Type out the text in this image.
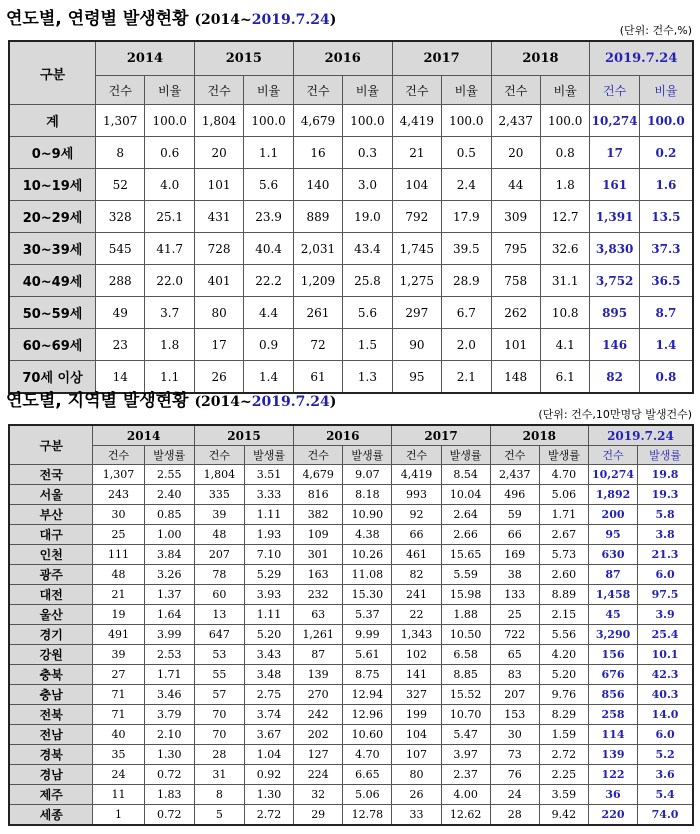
연도별, 연령별 발생현황 (2014~2019.7.24)
(단위: 건수,%)
구분	2014		2015		2016		2017		2018		2019.7.24	
	건수	비율	건수	비율	건수	비율	건수	비율	건수	비율	건수	비율
계	1,307	100.0	1,804	100.0	4,679	100.0	4,419	100.0	2,437	100.0	10,274	100.0
0~9세	8	0.6	20	1.1	16	0.3	21	0.5	20	0.8	17	0.2
10~19세	52	4.0	101	5.6	140	3.0	104	2.4	44	1.8	161	1.6
20~29세	328	25.1	431	23.9	889	19.0	792	17.9	309	12.7	1,391	13.5
30~39세	545	41.7	728	40.4	2,031	43.4	1,745	39.5	795	32.6	3,830	37.3
40~49세	288	22.0	401	22.2	1,209	25.8	1,275	28.9	758	31.1	3,752	36.5
50~59세	49	3.7	80	4.4	261	5.6	297	6.7	262	10.8	895	8.7
60~69세	23	1.8	17	0.9	72	1.5	90	2.0	101	4.1	146	1.4
70세 이상	14	1.1	26	1.4	61	1.3	95	2.1	148	6.1	82	0.8
연도별, 지역별 발생현황 (2014~2019.7.24)
(단위: 건수,10만명당 발생건수)
구분	2014		2015		2016		2017		2018		2019.7.24	
	건수	발생률	건수	발생률	건수	발생률	건수	발생률	건수	발생률	건수	발생률
전국	1,307	2.55	1,804	3.51	4,679	9.07	4,419	8.54	2,437	4.70	10,274	19.8
서울	243	2.40	335	3.33	816	8.18	993	10.04	496	5.06	1,892	19.3
부산	30	0.85	39	1.11	382	10.90	92	2.64	59	1.71	200	5.8
대구	25	1.00	48	1.93	109	4.38	66	2.66	66	2.67	95	3.8
인천	111	3.84	207	7.10	301	10.26	461	15.65	169	5.73	630	21.3
광주	48	3.26	78	5.29	163	11.08	82	5.59	38	2.60	87	6.0
대전	21	1.37	60	3.93	232	15.30	241	15.98	133	8.89	1,458	97.5
울산	19	1.64	13	1.11	63	5.37	22	1.88	25	2.15	45	3.9
경기	491	3.99	647	5.20	1,261	9.99	1,343	10.50	722	5.56	3,290	25.4
강원	39	2.53	53	3.43	87	5.61	102	6.58	65	4.20	156	10.1
충북	27	1.71	55	3.48	139	8.75	141	8.85	83	5.20	676	42.3
충남	71	3.46	57	2.75	270	12.94	327	15.52	207	9.76	856	40.3
전북	71	3.79	70	3.74	242	12.96	199	10.70	153	8.29	258	14.0
전남	40	2.10	70	3.67	202	10.60	104	5.47	30	1.59	114	6.0
경북	35	1.30	28	1.04	127	4.70	107	3.97	73	2.72	139	5.2
경남	24	0.72	31	0.92	224	6.65	80	2.37	76	2.25	122	3.6
제주	11	1.83	8	1.30	32	5.06	26	4.00	24	3.59	36	5.4
세종	1	0.72	5	2.72	29	12.78	33	12.62	28	9.42	220	74.0
